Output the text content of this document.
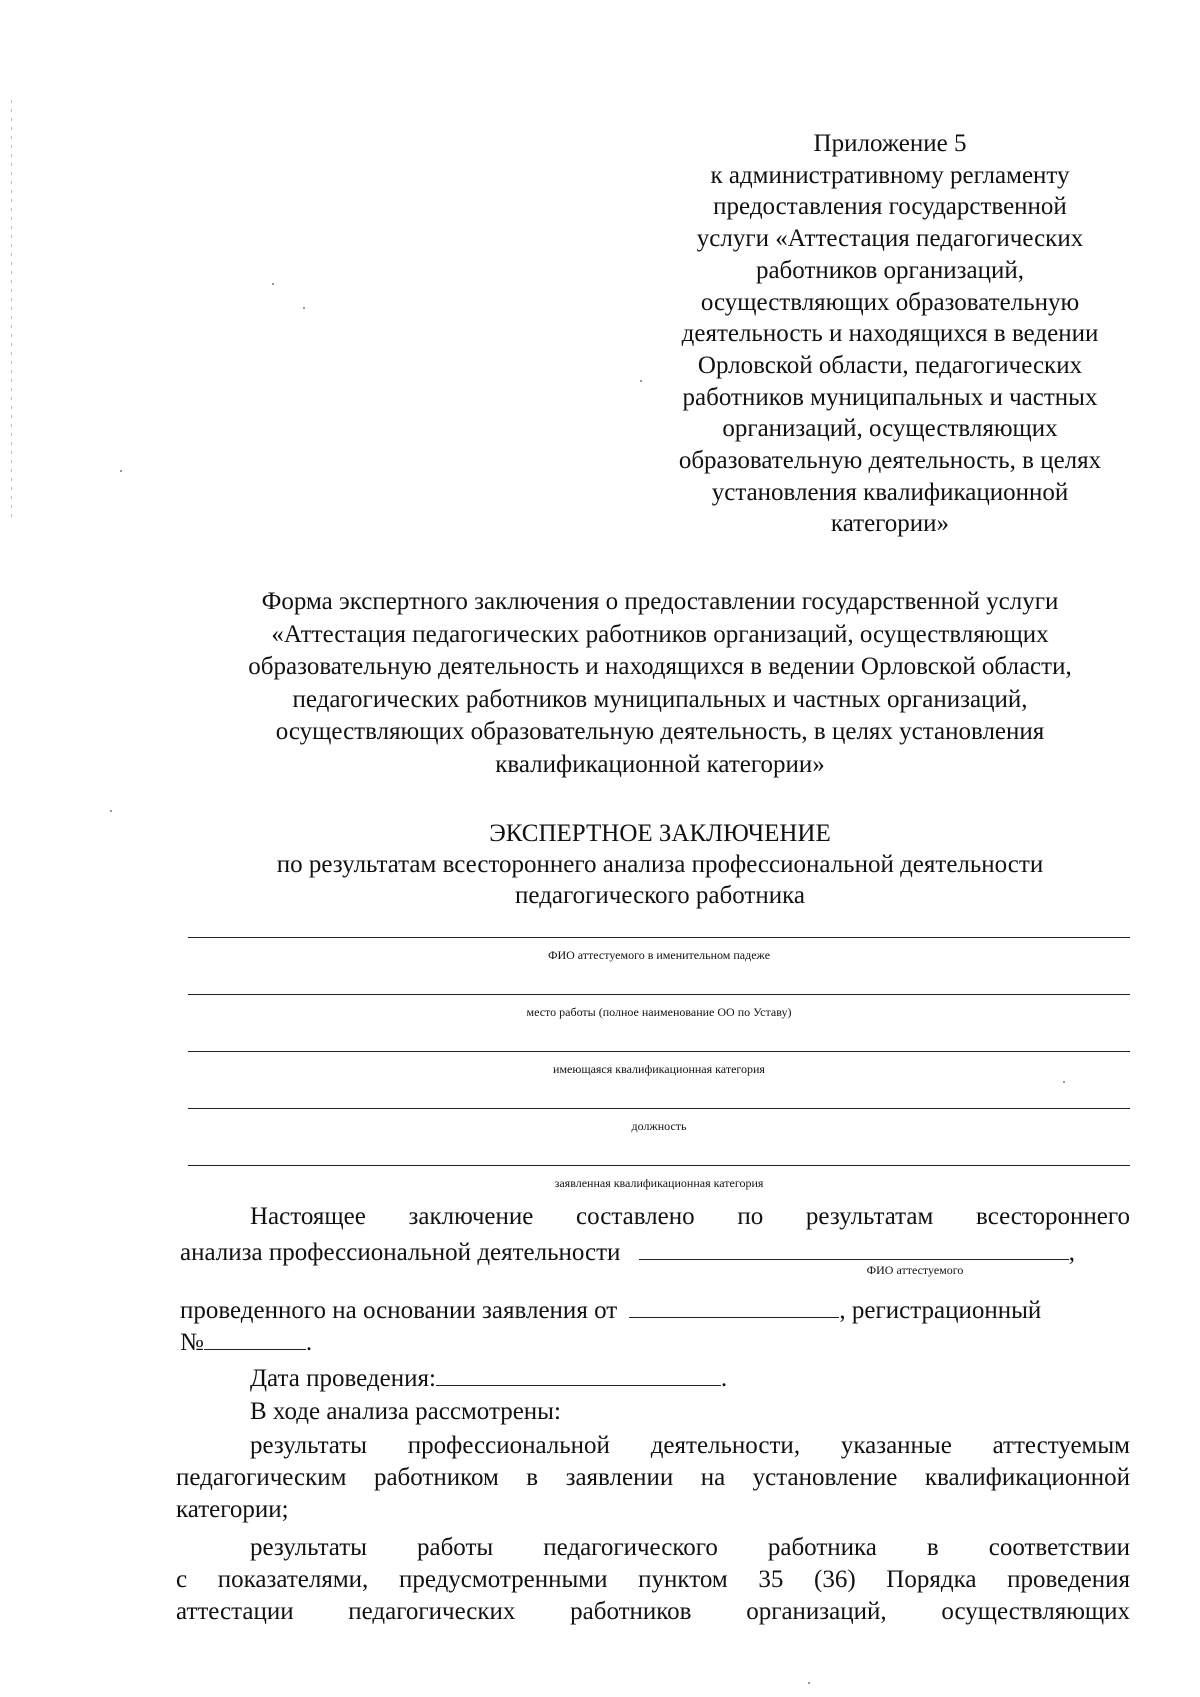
Приложение 5
к административному регламенту
предоставления государственной
услуги «Аттестация педагогических
работников организаций,
осуществляющих образовательную
деятельность и находящихся в ведении
Орловской области, педагогических
работников муниципальных и частных
организаций, осуществляющих
образовательную деятельность, в целях
установления квалификационной
категории»
Форма экспертного заключения о предоставлении государственной услуги
«Аттестация педагогических работников организаций, осуществляющих
образовательную деятельность и находящихся в ведении Орловской области,
педагогических работников муниципальных и частных организаций,
осуществляющих образовательную деятельность, в целях установления
квалификационной категории»
ЭКСПЕРТНОЕ ЗАКЛЮЧЕНИЕ
по результатам всестороннего анализа профессиональной деятельности
педагогического работника
ФИО аттестуемого в именительном падеже
место работы (полное наименование ОО по Уставу)
имеющаяся квалификационная категория
должность
заявленная квалификационная категория
Настоящее заключение составлено по результатам всестороннего
анализа профессиональной деятельности	,
ФИО аттестуемого
проведенного на основании заявления от	, регистрационный
№	.
Дата проведения:	.
В ходе анализа рассмотрены:
результаты профессиональной деятельности, указанные аттестуемым
педагогическим работником в заявлении на установление квалификационной
категории;
результаты работы педагогического работника в соответствии
с показателями, предусмотренными пунктом 35 (36) Порядка проведения
аттестации педагогических работников организаций, осуществляющих
